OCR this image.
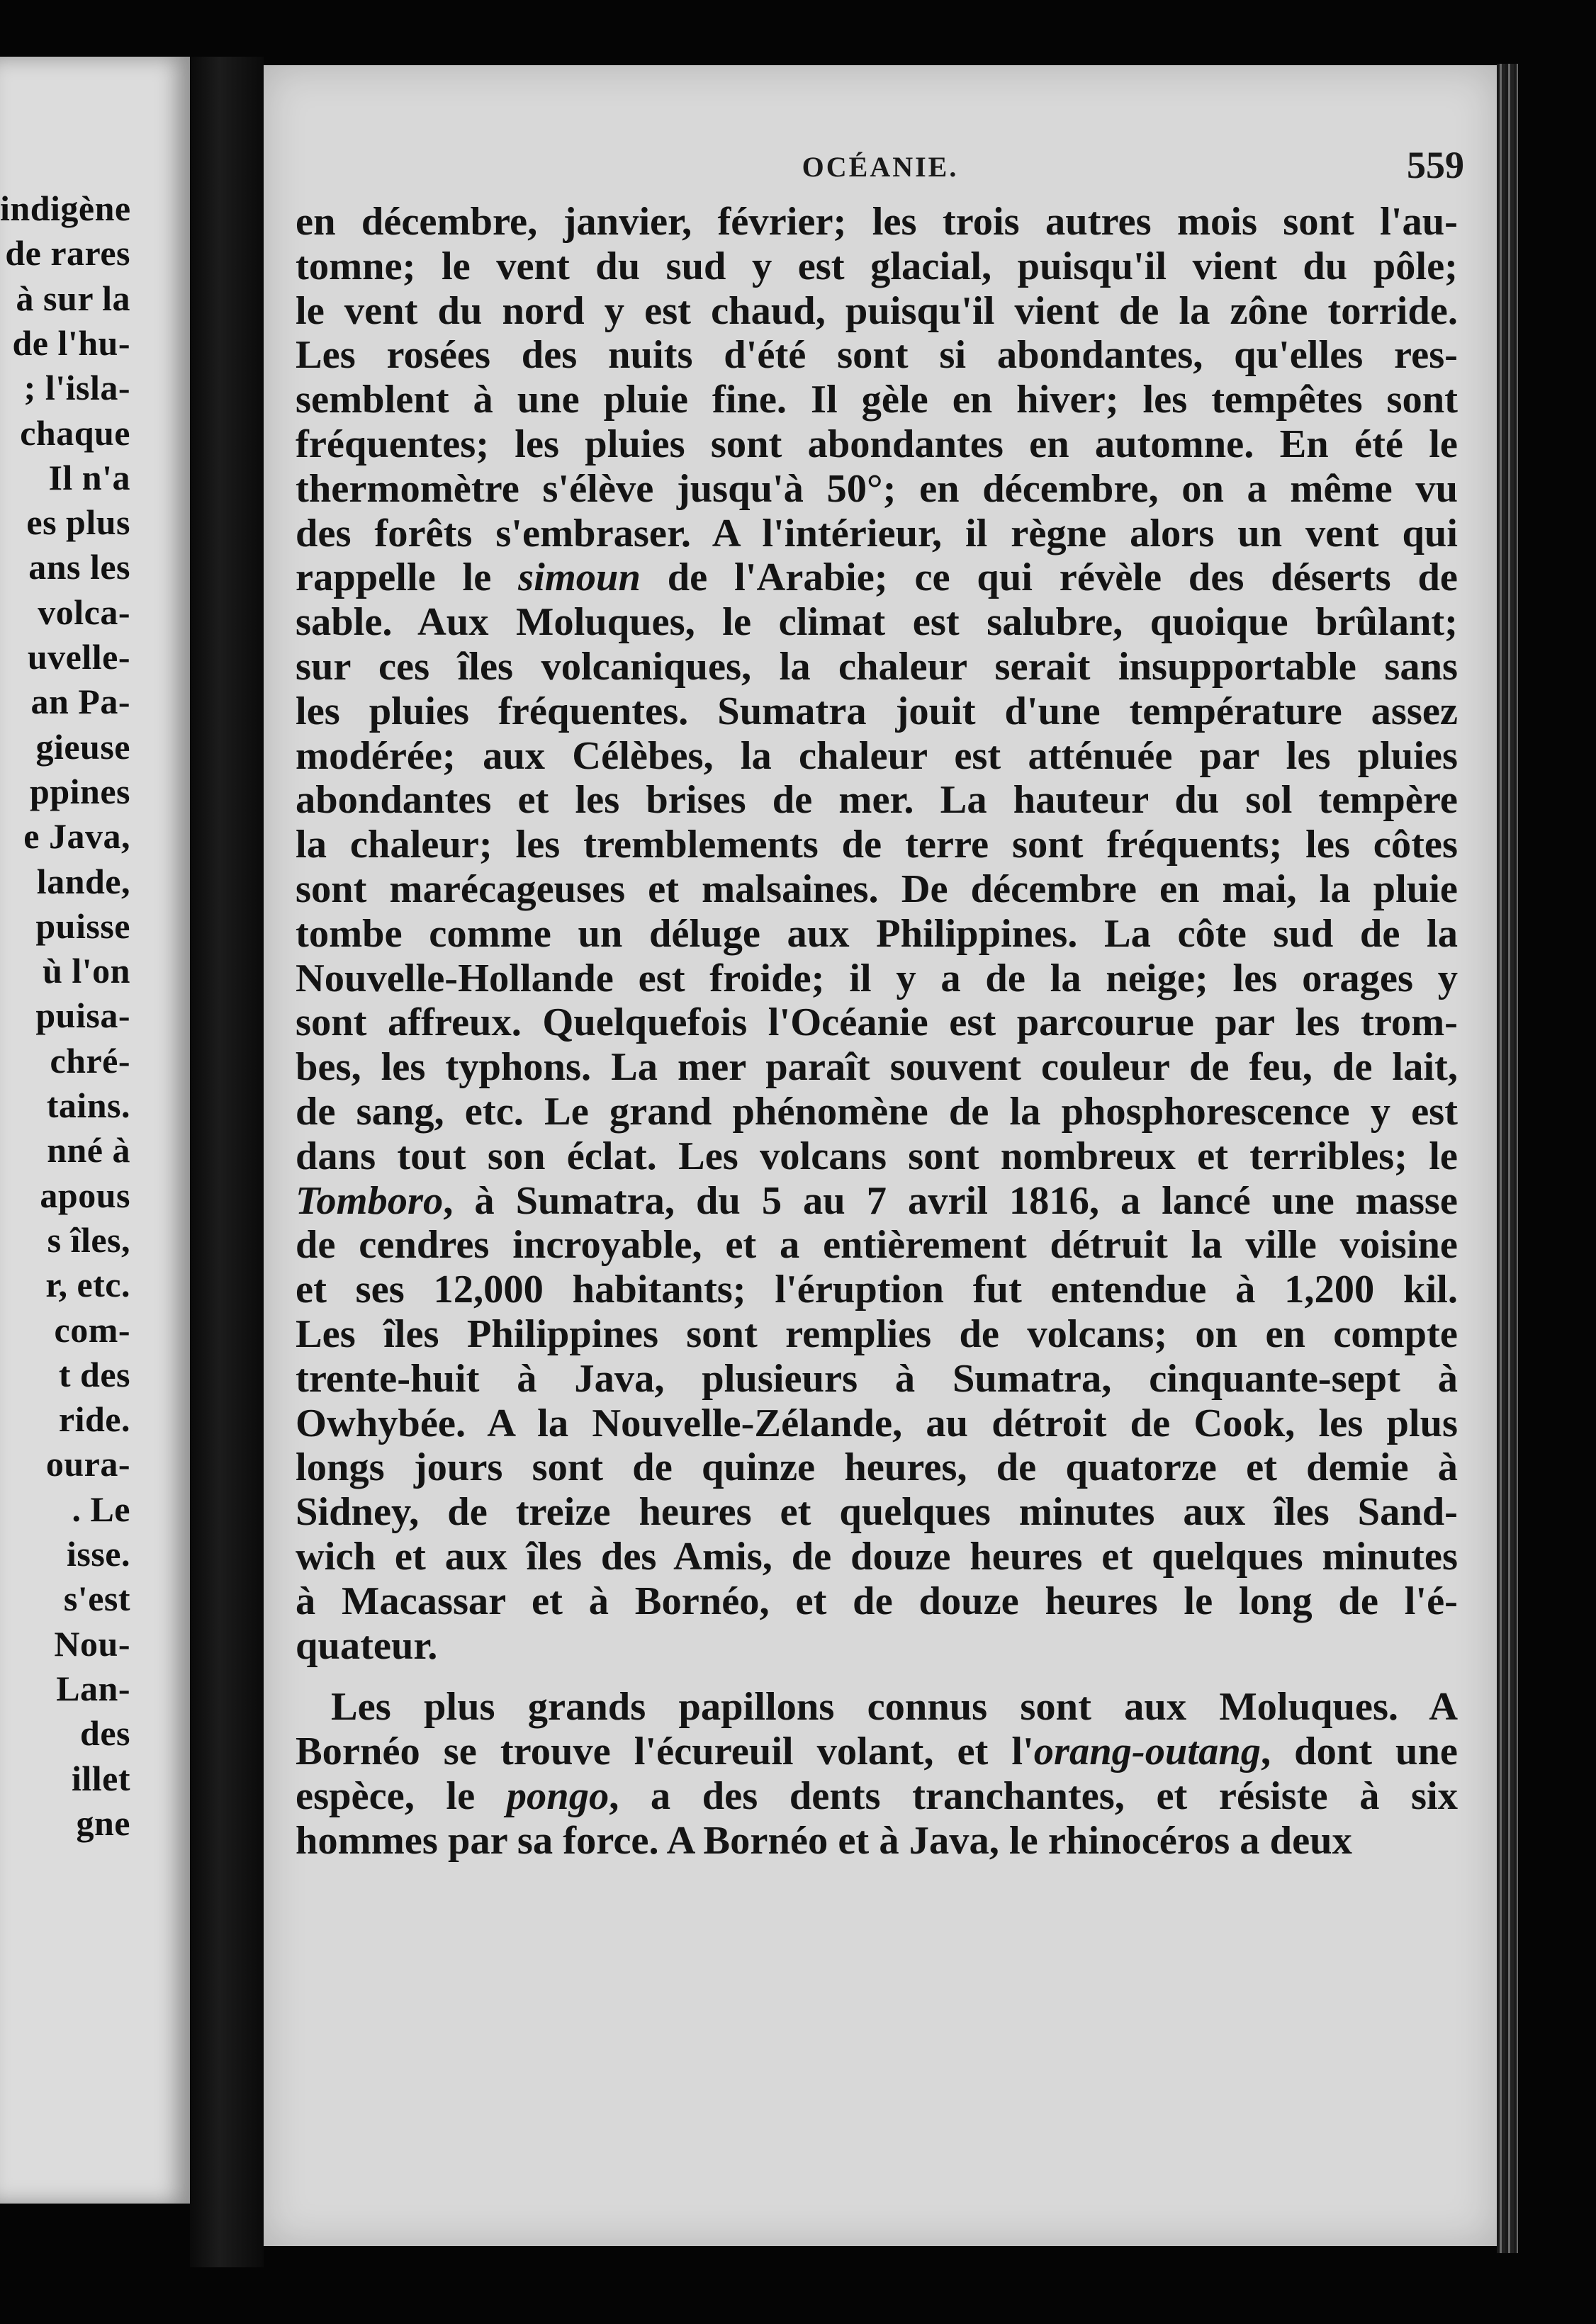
indigène
de rares
à sur la
de l'hu-
; l'isla-
chaque
Il n'a
es plus
ans les
volca-
uvelle-
an Pa-
gieuse
ppines
e Java,
lande,
puisse
ù l'on
puisa-
chré-
tains.
nné à
apous
s îles,
r, etc.
com-
t des
ride.
oura-
. Le
isse.
s'est
Nou-
Lan-
des
illet
gne
OCÉANIE.	559
en décembre, janvier, février; les trois autres mois sont l'au-
tomne; le vent du sud y est glacial, puisqu'il vient du pôle;
le vent du nord y est chaud, puisqu'il vient de la zône torride.
Les rosées des nuits d'été sont si abondantes, qu'elles res-
semblent à une pluie fine. Il gèle en hiver; les tempêtes sont
fréquentes; les pluies sont abondantes en automne. En été le
thermomètre s'élève jusqu'à 50°; en décembre, on a même vu
des forêts s'embraser. A l'intérieur, il règne alors un vent qui
rappelle le simoun de l'Arabie; ce qui révèle des déserts de
sable. Aux Moluques, le climat est salubre, quoique brûlant;
sur ces îles volcaniques, la chaleur serait insupportable sans
les pluies fréquentes. Sumatra jouit d'une température assez
modérée; aux Célèbes, la chaleur est atténuée par les pluies
abondantes et les brises de mer. La hauteur du sol tempère
la chaleur; les tremblements de terre sont fréquents; les côtes
sont marécageuses et malsaines. De décembre en mai, la pluie
tombe comme un déluge aux Philippines. La côte sud de la
Nouvelle-Hollande est froide; il y a de la neige; les orages y
sont affreux. Quelquefois l'Océanie est parcourue par les trom-
bes, les typhons. La mer paraît souvent couleur de feu, de lait,
de sang, etc. Le grand phénomène de la phosphorescence y est
dans tout son éclat. Les volcans sont nombreux et terribles; le
Tomboro, à Sumatra, du 5 au 7 avril 1816, a lancé une masse
de cendres incroyable, et a entièrement détruit la ville voisine
et ses 12,000 habitants; l'éruption fut entendue à 1,200 kil.
Les îles Philippines sont remplies de volcans; on en compte
trente-huit à Java, plusieurs à Sumatra, cinquante-sept à
Owhybée. A la Nouvelle-Zélande, au détroit de Cook, les plus
longs jours sont de quinze heures, de quatorze et demie à
Sidney, de treize heures et quelques minutes aux îles Sand-
wich et aux îles des Amis, de douze heures et quelques minutes
à Macassar et à Bornéo, et de douze heures le long de l'é-
quateur.
Les plus grands papillons connus sont aux Moluques. A
Bornéo se trouve l'écureuil volant, et l'orang-outang, dont une
espèce, le pongo, a des dents tranchantes, et résiste à six
hommes par sa force. A Bornéo et à Java, le rhinocéros a deux
